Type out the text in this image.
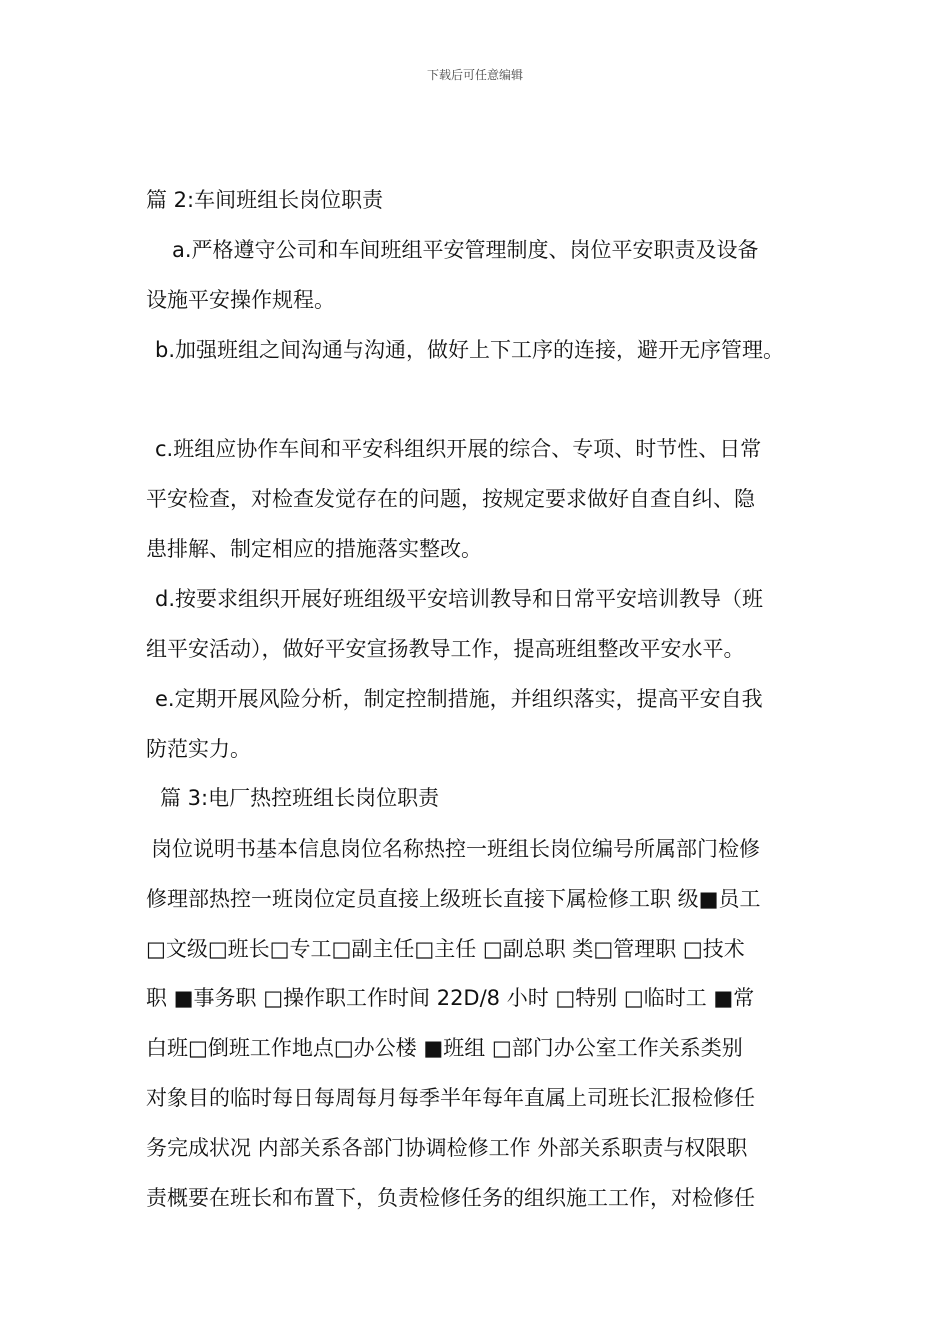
下载后可任意编辑
篇 2:车间班组长岗位职责
a.严格遵守公司和车间班组平安管理制度、岗位平安职责及设备
设施平安操作规程。
b.加强班组之间沟通与沟通，做好上下工序的连接，避开无序管理。
c.班组应协作车间和平安科组织开展的综合、专项、时节性、日常
平安检查，对检查发觉存在的问题，按规定要求做好自查自纠、隐
患排解、制定相应的措施落实整改。
d.按要求组织开展好班组级平安培训教导和日常平安培训教导（班
组平安活动），做好平安宣扬教导工作，提高班组整改平安水平。
e.定期开展风险分析，制定控制措施，并组织落实，提高平安自我
防范实力。
篇 3:电厂热控班组长岗位职责
岗位说明书基本信息岗位名称热控一班组长岗位编号所属部门检修
修理部热控一班岗位定员直接上级班长直接下属检修工职 级■员工
□文级□班长□专工□副主任□主任 □副总职 类□管理职 □技术
职 ■事务职 □操作职工作时间 22D/8 小时 □特别 □临时工 ■常
白班□倒班工作地点□办公楼 ■班组 □部门办公室工作关系类别
对象目的临时每日每周每月每季半年每年直属上司班长汇报检修任
务完成状况 内部关系各部门协调检修工作 外部关系职责与权限职
责概要在班长和布置下，负责检修任务的组织施工工作，对检修任
